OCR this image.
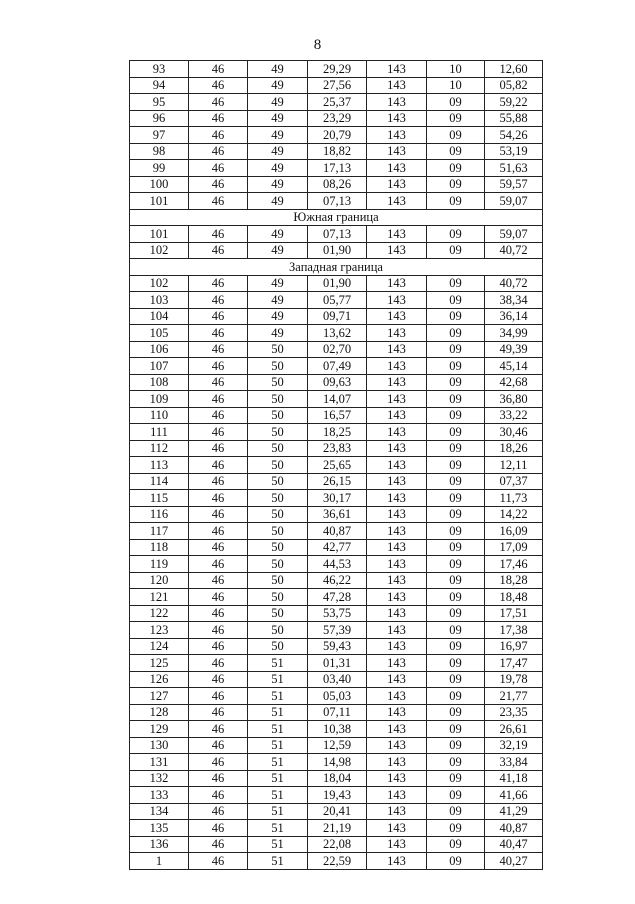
8
93	46	49	29,29	143	10	12,60
94	46	49	27,56	143	10	05,82
95	46	49	25,37	143	09	59,22
96	46	49	23,29	143	09	55,88
97	46	49	20,79	143	09	54,26
98	46	49	18,82	143	09	53,19
99	46	49	17,13	143	09	51,63
100	46	49	08,26	143	09	59,57
101	46	49	07,13	143	09	59,07
Южная граница						
101	46	49	07,13	143	09	59,07
102	46	49	01,90	143	09	40,72
Западная граница						
102	46	49	01,90	143	09	40,72
103	46	49	05,77	143	09	38,34
104	46	49	09,71	143	09	36,14
105	46	49	13,62	143	09	34,99
106	46	50	02,70	143	09	49,39
107	46	50	07,49	143	09	45,14
108	46	50	09,63	143	09	42,68
109	46	50	14,07	143	09	36,80
110	46	50	16,57	143	09	33,22
111	46	50	18,25	143	09	30,46
112	46	50	23,83	143	09	18,26
113	46	50	25,65	143	09	12,11
114	46	50	26,15	143	09	07,37
115	46	50	30,17	143	09	11,73
116	46	50	36,61	143	09	14,22
117	46	50	40,87	143	09	16,09
118	46	50	42,77	143	09	17,09
119	46	50	44,53	143	09	17,46
120	46	50	46,22	143	09	18,28
121	46	50	47,28	143	09	18,48
122	46	50	53,75	143	09	17,51
123	46	50	57,39	143	09	17,38
124	46	50	59,43	143	09	16,97
125	46	51	01,31	143	09	17,47
126	46	51	03,40	143	09	19,78
127	46	51	05,03	143	09	21,77
128	46	51	07,11	143	09	23,35
129	46	51	10,38	143	09	26,61
130	46	51	12,59	143	09	32,19
131	46	51	14,98	143	09	33,84
132	46	51	18,04	143	09	41,18
133	46	51	19,43	143	09	41,66
134	46	51	20,41	143	09	41,29
135	46	51	21,19	143	09	40,87
136	46	51	22,08	143	09	40,47
1	46	51	22,59	143	09	40,27
